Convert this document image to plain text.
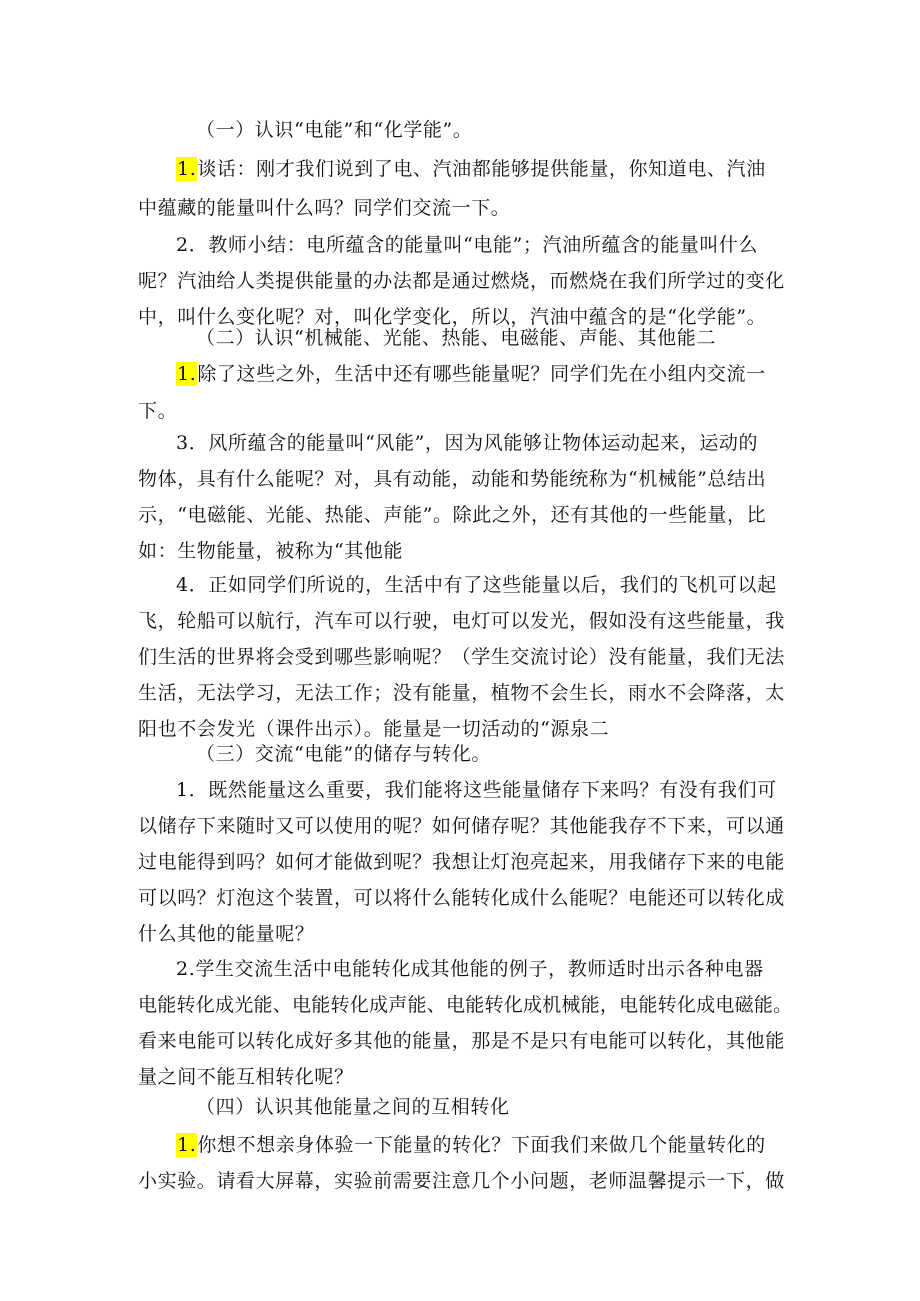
（一）认识“电能”和“化学能”。
1.谈话：刚才我们说到了电、汽油都能够提供能量，你知道电、汽油
中蕴藏的能量叫什么吗？同学们交流一下。
2．教师小结：电所蕴含的能量叫“电能”；汽油所蕴含的能量叫什么
呢？汽油给人类提供能量的办法都是通过燃烧，而燃烧在我们所学过的变化
中，叫什么变化呢？对，叫化学变化，所以，汽油中蕴含的是“化学能”。
（二）认识“机械能、光能、热能、电磁能、声能、其他能二
1.除了这些之外，生活中还有哪些能量呢？同学们先在小组内交流一
下。
3．风所蕴含的能量叫“风能”，因为风能够让物体运动起来，运动的
物体，具有什么能呢？对，具有动能，动能和势能统称为“机械能”总结出
示，“电磁能、光能、热能、声能”。除此之外，还有其他的一些能量，比
如：生物能量，被称为“其他能
4．正如同学们所说的，生活中有了这些能量以后，我们的飞机可以起
飞，轮船可以航行，汽车可以行驶，电灯可以发光，假如没有这些能量，我
们生活的世界将会受到哪些影响呢？（学生交流讨论）没有能量，我们无法
生活，无法学习，无法工作；没有能量，植物不会生长，雨水不会降落，太
阳也不会发光（课件出示）。能量是一切活动的“源泉二
（三）交流“电能”的储存与转化。
1．既然能量这么重要，我们能将这些能量储存下来吗？有没有我们可
以储存下来随时又可以使用的呢？如何储存呢？其他能我存不下来，可以通
过电能得到吗？如何才能做到呢？我想让灯泡亮起来，用我储存下来的电能
可以吗？灯泡这个装置，可以将什么能转化成什么能呢？电能还可以转化成
什么其他的能量呢？
2.学生交流生活中电能转化成其他能的例子，教师适时出示各种电器
电能转化成光能、电能转化成声能、电能转化成机械能，电能转化成电磁能。
看来电能可以转化成好多其他的能量，那是不是只有电能可以转化，其他能
量之间不能互相转化呢？
（四）认识其他能量之间的互相转化
1.你想不想亲身体验一下能量的转化？下面我们来做几个能量转化的
小实验。请看大屏幕，实验前需要注意几个小问题，老师温馨提示一下，做
